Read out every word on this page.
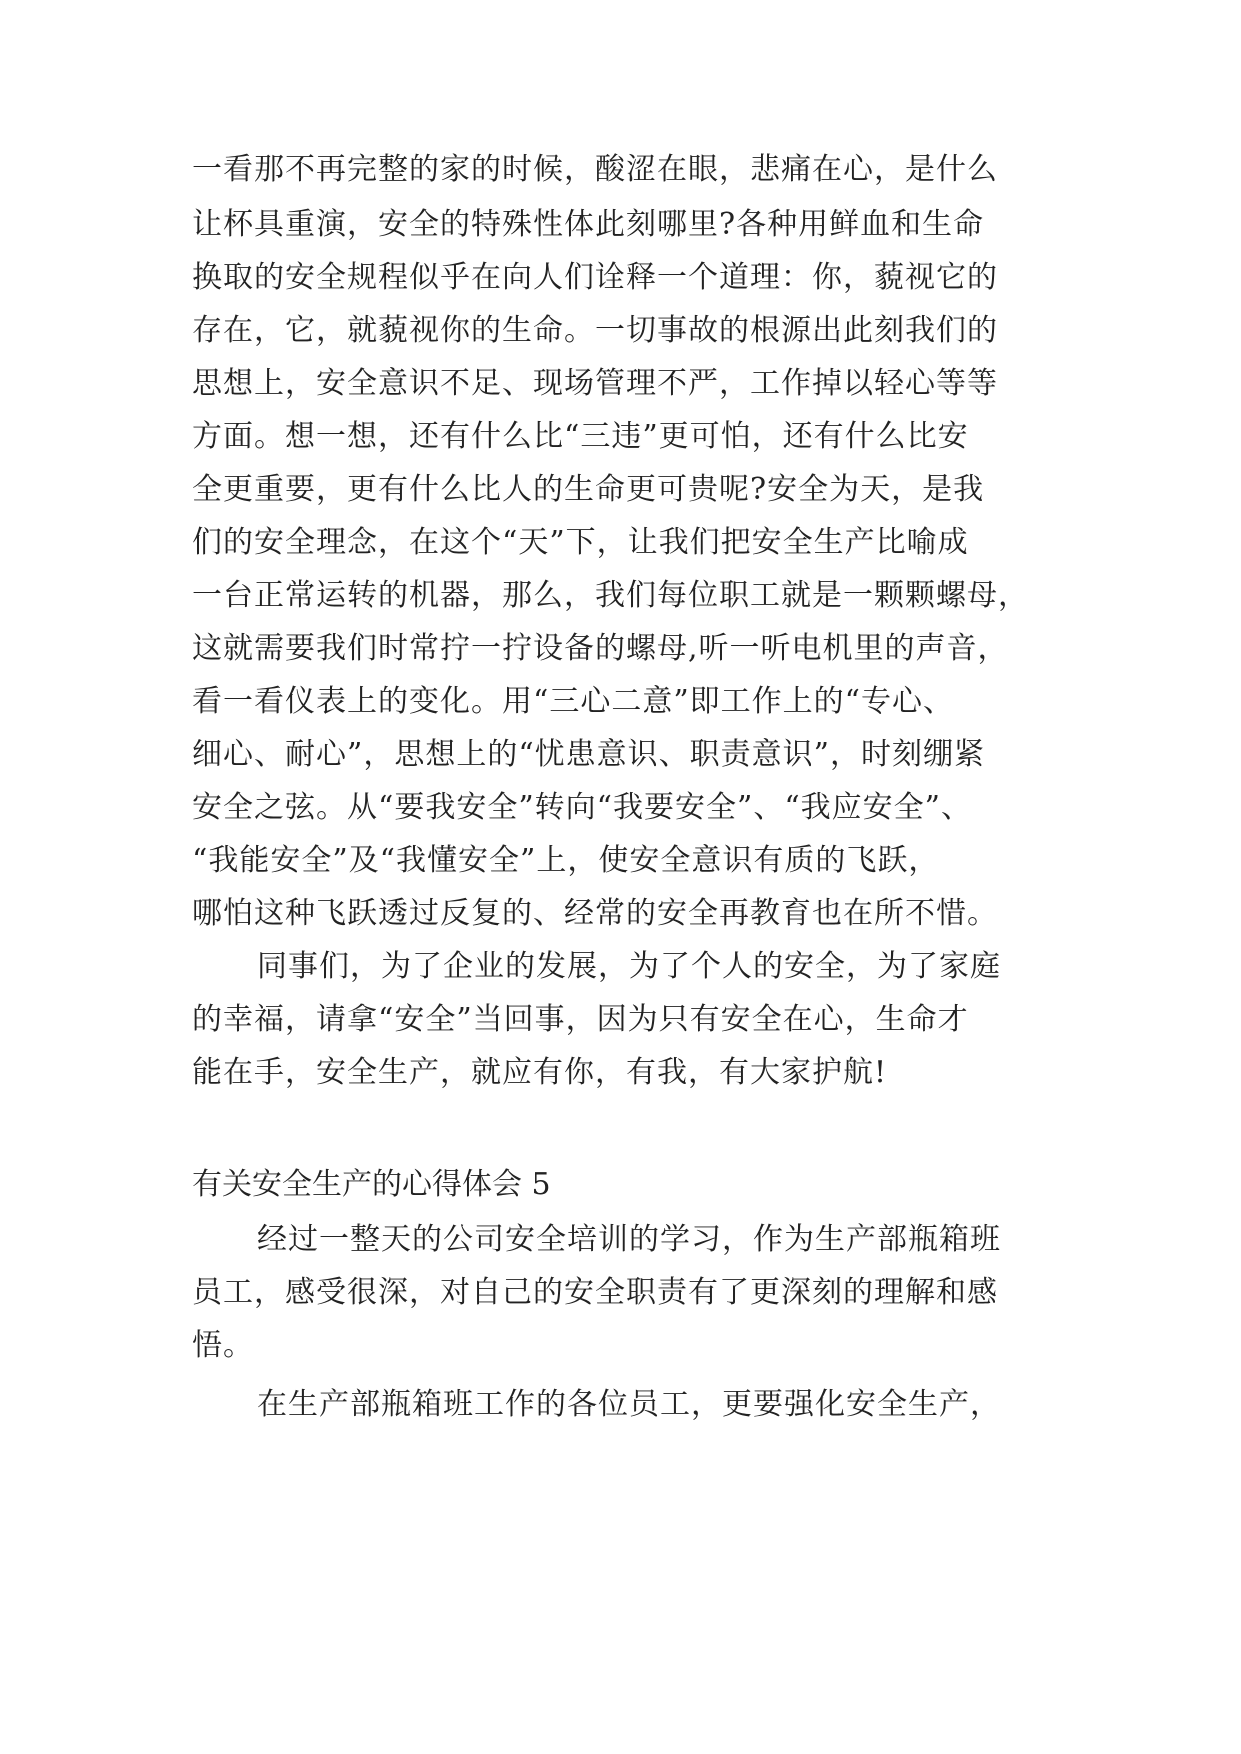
一看那不再完整的家的时候，酸涩在眼，悲痛在心，是什么
让杯具重演，安全的特殊性体此刻哪里?各种用鲜血和生命
换取的安全规程似乎在向人们诠释一个道理：你，藐视它的
存在，它，就藐视你的生命。一切事故的根源出此刻我们的
思想上，安全意识不足、现场管理不严，工作掉以轻心等等
方面。想一想，还有什么比“三违”更可怕，还有什么比安
全更重要，更有什么比人的生命更可贵呢?安全为天，是我
们的安全理念，在这个“天”下，让我们把安全生产比喻成
一台正常运转的机器，那么，我们每位职工就是一颗颗螺母，
这就需要我们时常拧一拧设备的螺母,听一听电机里的声音，
看一看仪表上的变化。用“三心二意”即工作上的“专心、
细心、耐心”，思想上的“忧患意识、职责意识”，时刻绷紧
安全之弦。从“要我安全”转向“我要安全”、“我应安全”、
“我能安全”及“我懂安全”上，使安全意识有质的飞跃，
哪怕这种飞跃透过反复的、经常的安全再教育也在所不惜。
同事们，为了企业的发展，为了个人的安全，为了家庭
的幸福，请拿“安全”当回事，因为只有安全在心，生命才
能在手，安全生产，就应有你，有我，有大家护航!
有关安全生产的心得体会 5
经过一整天的公司安全培训的学习，作为生产部瓶箱班
员工，感受很深，对自己的安全职责有了更深刻的理解和感
悟。
在生产部瓶箱班工作的各位员工，更要强化安全生产，
